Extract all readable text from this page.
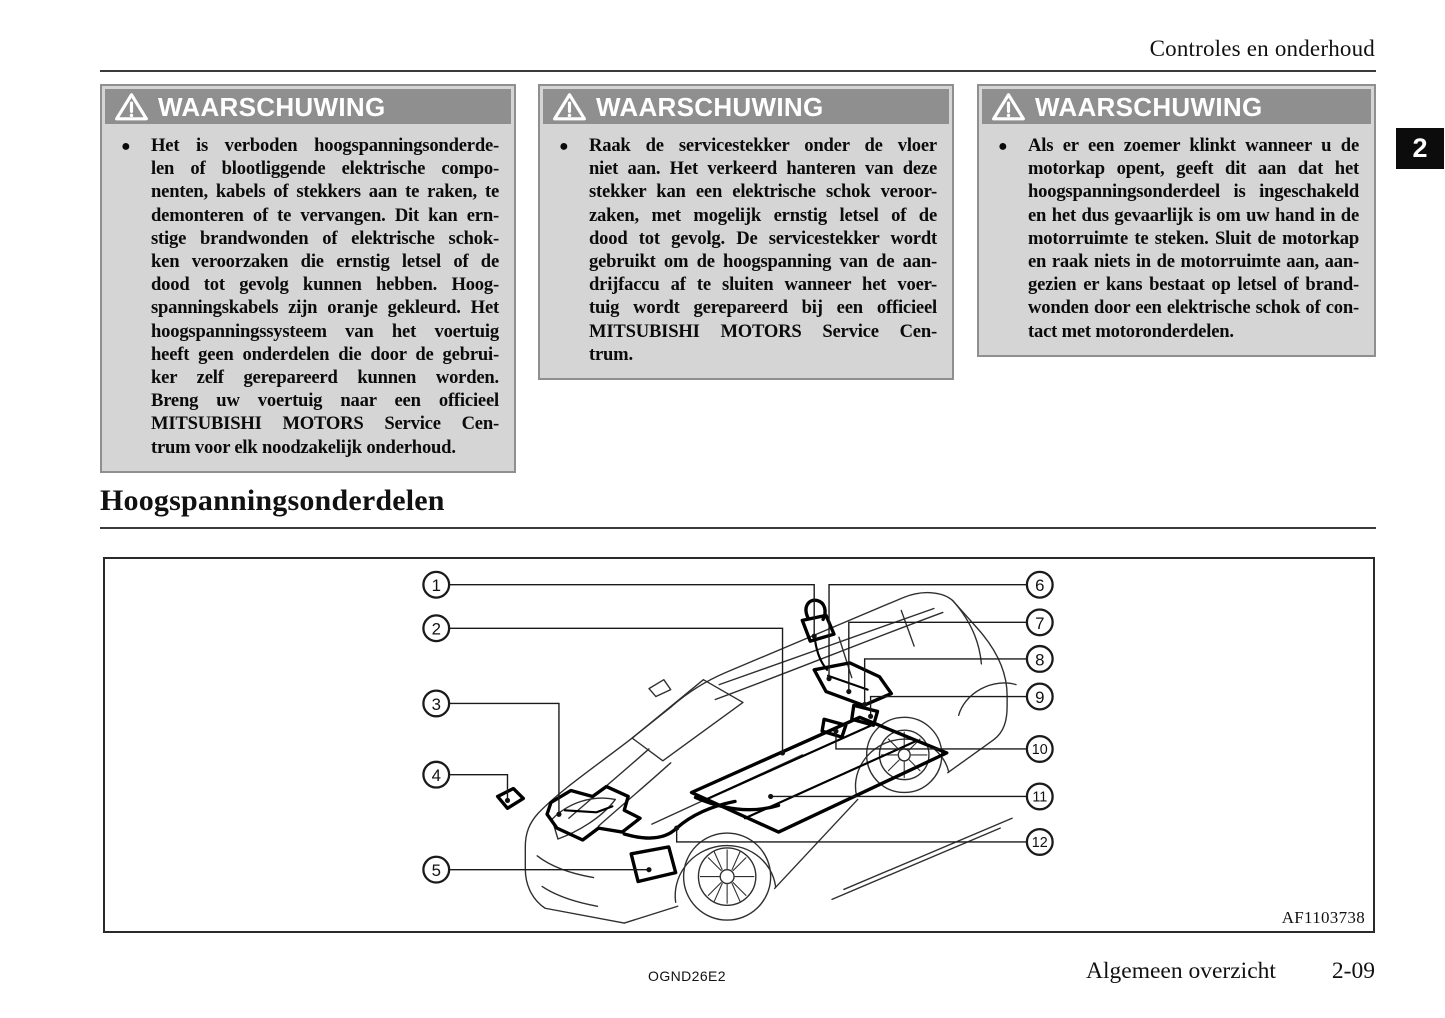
Controles en onderhoud
2
WAARSCHUWING
● Het is verboden hoogspanningsonderde-
len of blootliggende elektrische compo-
nenten, kabels of stekkers aan te raken, te
demonteren of te vervangen. Dit kan ern-
stige brandwonden of elektrische schok-
ken veroorzaken die ernstig letsel of de
dood tot gevolg kunnen hebben. Hoog-
spanningskabels zijn oranje gekleurd. Het
hoogspanningssysteem van het voertuig
heeft geen onderdelen die door de gebrui-
ker zelf gerepareerd kunnen worden.
Breng uw voertuig naar een officieel
MITSUBISHI MOTORS Service Cen-
trum voor elk noodzakelijk onderhoud.
WAARSCHUWING
● Raak de servicestekker onder de vloer
niet aan. Het verkeerd hanteren van deze
stekker kan een elektrische schok veroor-
zaken, met mogelijk ernstig letsel of de
dood tot gevolg. De servicestekker wordt
gebruikt om de hoogspanning van de aan-
drijfaccu af te sluiten wanneer het voer-
tuig wordt gerepareerd bij een officieel
MITSUBISHI MOTORS Service Cen-
trum.
WAARSCHUWING
● Als er een zoemer klinkt wanneer u de
motorkap opent, geeft dit aan dat het
hoogspanningsonderdeel is ingeschakeld
en het dus gevaarlijk is om uw hand in de
motorruimte te steken. Sluit de motorkap
en raak niets in de motorruimte aan, aan-
gezien er kans bestaat op letsel of brand-
wonden door een elektrische schok of con-
tact met motoronderdelen.
Hoogspanningsonderdelen
1
2
3
4
5
6
7
8
9
10
11
12
AF1103738
OGND26E2	Algemeen overzicht 2-09
